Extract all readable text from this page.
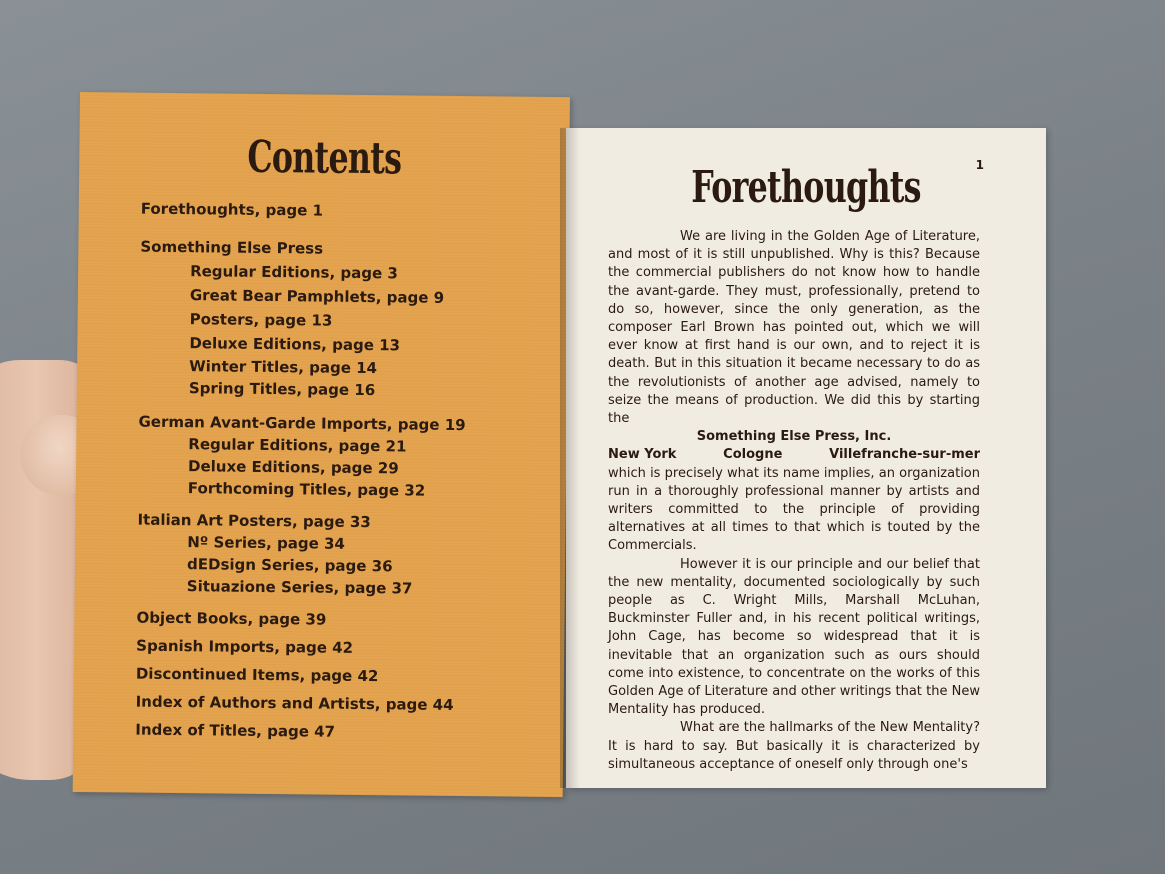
Contents
Forethoughts, page 1
Something Else Press
Regular Editions, page 3
Great Bear Pamphlets, page 9
Posters, page 13
Deluxe Editions, page 13
Winter Titles, page 14
Spring Titles, page 16
German Avant-Garde Imports, page 19
Regular Editions, page 21
Deluxe Editions, page 29
Forthcoming Titles, page 32
Italian Art Posters, page 33
Nº Series, page 34
dEDsign Series, page 36
Situazione Series, page 37
Object Books, page 39
Spanish Imports, page 42
Discontinued Items, page 42
Index of Authors and Artists, page 44
Index of Titles, page 47
1
Forethoughts

We are living in the Golden Age of Literature, and most of it is still unpublished. Why is this? Because the commercial publishers do not know how to handle the avant-garde. They must, professionally, pretend to do so, however, since the only generation, as the composer Earl Brown has pointed out, which we will ever know at first hand is our own, and to reject it is death. But in this situation it became necessary to do as the revolutionists of another age advised, namely to seize the means of production. We did this by starting the

Something Else Press, Inc.
New York	Cologne	Villefranche-sur-mer

which is precisely what its name implies, an organization run in a thoroughly professional manner by artists and writers committed to the principle of providing alternatives at all times to that which is touted by the Commercials.

However it is our principle and our belief that the new mentality, documented sociologically by such people as C. Wright Mills, Marshall McLuhan, Buckminster Fuller and, in his recent political writings, John Cage, has become so widespread that it is inevitable that an organization such as ours should come into existence, to concentrate on the works of this Golden Age of Literature and other writings that the New Mentality has produced.

What are the hallmarks of the New Mentality? It is hard to say. But basically it is characterized by simultaneous acceptance of oneself only through one's
